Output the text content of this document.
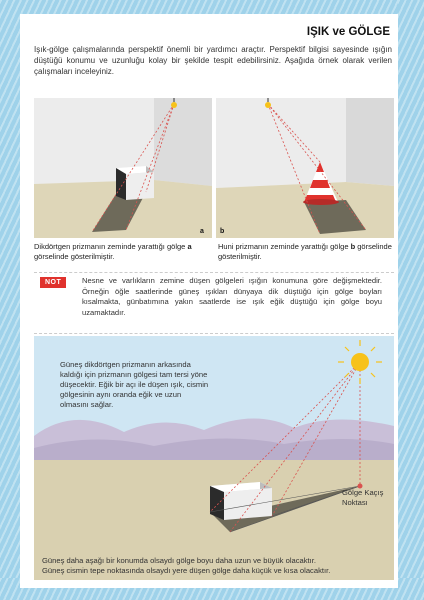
IŞIK ve GÖLGE
Işık-gölge çalışmalarında perspektif önemli bir yardımcı araçtır. Perspektif bilgisi sayesinde ışığın düştüğü konumu ve uzunluğu kolay bir şekilde tespit edebilirsiniz. Aşağıda örnek olarak verilen çalışmaları inceleyiniz.
a
Dikdörtgen prizmanın zeminde yarattığı gölge a görselinde gösterilmiştir.
b
Huni prizmanın zeminde yarattığı gölge b görselinde gösterilmiştir.
NOT	Nesne ve varlıkların zemine düşen gölgeleri ışığın konumuna göre değişmektedir. Örneğin öğle saatlerinde güneş ışıkları dünyaya dik düştüğü için gölge boyları kısalmakta, günbatımına yakın saatlerde ise ışık eğik düştüğü için gölge boyu uzamaktadır.
Güneş dikdörtgen prizmanın arkasında kaldığı için prizmanın gölgesi tam tersi yöne düşecektir. Eğik bir açı ile düşen ışık, cismin gölgesinin aynı oranda eğik ve uzun olmasını sağlar.
Gölge Kaçış
Noktası
Güneş daha aşağı bir konumda olsaydı gölge boyu daha uzun ve büyük olacaktır.
Güneş cismin tepe noktasında olsaydı yere düşen gölge daha küçük ve kısa olacaktır.
